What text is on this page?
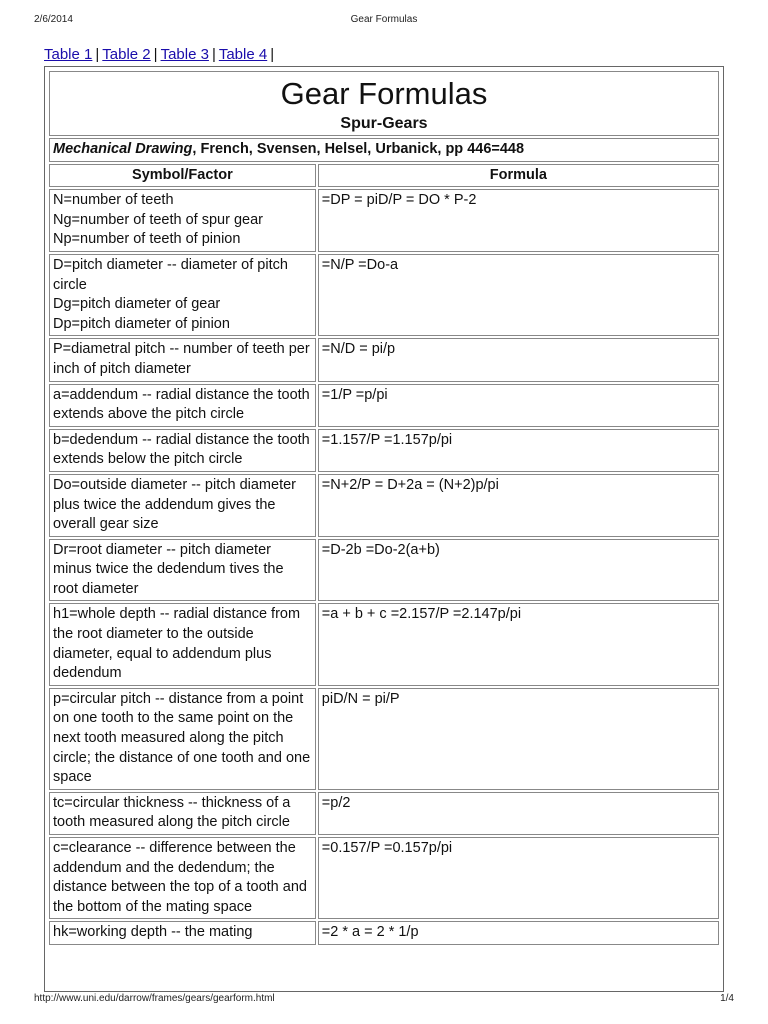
2/6/2014	Gear Formulas
Table 1 | Table 2 | Table 3 | Table 4 |
Gear Formulas
Spur-Gears	

Mechanical Drawing, French, Svensen, Helsel, Urbanick, pp 446=448	
Symbol/Factor	Formula

N=number of teeth
Ng=number of teeth of spur gear
Np=number of teeth of pinion	=DP = piD/P = DO * P-2

D=pitch diameter -- diameter of pitch circle
Dg=pitch diameter of gear
Dp=pitch diameter of pinion	=N/P =Do-a

P=diametral pitch -- number of teeth per inch of pitch diameter	=N/D = pi/p

a=addendum -- radial distance the tooth extends above the pitch circle	=1/P =p/pi

b=dedendum -- radial distance the tooth extends below the pitch circle	=1.157/P =1.157p/pi

Do=outside diameter -- pitch diameter plus twice the addendum gives the overall gear size	=N+2/P = D+2a = (N+2)p/pi

Dr=root diameter -- pitch diameter minus twice the dedendum tives the root diameter	=D-2b =Do-2(a+b)

h1=whole depth -- radial distance from the root diameter to the outside diameter, equal to addendum plus dedendum	=a + b + c =2.157/P =2.147p/pi

p=circular pitch -- distance from a point on one tooth to the same point on the next tooth measured along the pitch circle; the distance of one tooth and one space	piD/N = pi/P

tc=circular thickness -- thickness of a tooth measured along the pitch circle	=p/2

c=clearance -- difference between the addendum and the dedendum; the distance between the top of a tooth and the bottom of the mating space	=0.157/P =0.157p/pi

hk=working depth -- the mating	=2 * a = 2 * 1/p
http://www.uni.edu/darrow/frames/gears/gearform.html	1/4
